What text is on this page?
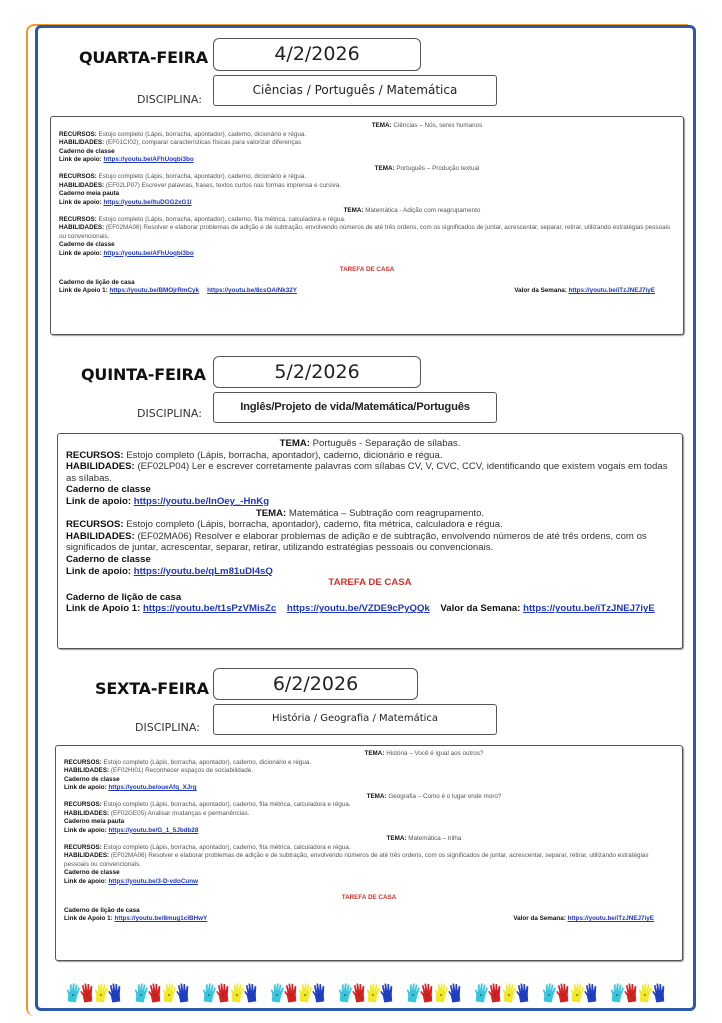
QUARTA-FEIRA	4/2/2026
DISCIPLINA:
Ciências / Português / Matemática
TEMA: Ciências – Nós, seres humanos
RECURSOS: Estojo completo (Lápis, borracha, apontador), caderno, dicionário e régua.
HABILIDADES: (EF01CI02), comparar características físicas para valorizar diferenças
Caderno de classe
Link de apoio: https://youtu.be/AFhUoqbi3bo
TEMA: Português – Produção textual
RECURSOS: Estojo completo (Lápis, borracha, apontador), caderno, dicionário e régua.
HABILIDADES: (EF02LP07) Escrever palavras, frases, textos curtos nas formas imprensa e cursiva.
Caderno meia pauta
Link de apoio: https://youtu.be/ltuDGG2xG1I
TEMA: Matemática - Adição com reagrupamento
RECURSOS: Estojo completo (Lápis, borracha, apontador), caderno, fita métrica, calculadora e régua.
HABILIDADES: (EF02MA06) Resolver e elaborar problemas de adição e de subtração, envolvendo números de até três ordens, com os significados de juntar, acrescentar, separar, retirar, utilizando estratégias pessoais ou convencionais.
Caderno de classe
Link de apoio: https://youtu.be/AFhUoqbi3bo
TAREFA DE CASA
Caderno de lição de casa
Link de Apoio 1: https://youtu.be/BMOjrRmCyk https://youtu.be/8csOAINk32Y	Valor da Semana: https://youtu.be/iTzJNEJ7iyE
QUINTA-FEIRA	5/2/2026
DISCIPLINA:	Inglês/Projeto de vida/Matemática/Português
TEMA: Português - Separação de sílabas.
RECURSOS: Estojo completo (Lápis, borracha, apontador), caderno, dicionário e régua.
HABILIDADES: (EF02LP04) Ler e escrever corretamente palavras com sílabas CV, V, CVC, CCV, identificando que existem vogais em todas as sílabas.
Caderno de classe
Link de apoio: https://youtu.be/InOey_-HnKg
TEMA: Matemática – Subtração com reagrupamento.
RECURSOS: Estojo completo (Lápis, borracha, apontador), caderno, fita métrica, calculadora e régua.
HABILIDADES: (EF02MA06) Resolver e elaborar problemas de adição e de subtração, envolvendo números de até três ordens, com os significados de juntar, acrescentar, separar, retirar, utilizando estratégias pessoais ou convencionais.
Caderno de classe
Link de apoio: https://youtu.be/qLm81uDI4sQ
TAREFA DE CASA
Caderno de lição de casa
Link de Apoio 1: https://youtu.be/t1sPzVMisZc https://youtu.be/VZDE9cPyQQk Valor da Semana: https://youtu.be/iTzJNEJ7iyE
SEXTA-FEIRA	6/2/2026
DISCIPLINA:
História / Geografia / Matemática
TEMA: História – Você é igual aos outros?
RECURSOS: Estojo completo (Lápis, borracha, apontador), caderno, dicionário e régua.
HABILIDADES: (EF02HI01) Reconhecer espaços de sociabilidade.
Caderno de classe
Link de apoio: https://youtu.be/oueAfq_XJrg
TEMA: Geografia – Como é o lugar onde moro?
RECURSOS: Estojo completo (Lápis, borracha, apontador), caderno, fita métrica, calculadora e régua.
HABILIDADES: (EF02GE05) Analisar mudanças e permanências.
Caderno meia pauta
Link de apoio: https://youtu.be/G_1_5Jbdb28
TEMA: Matemática – trilha
RECURSOS: Estojo completo (Lápis, borracha, apontador), caderno, fita métrica, calculadora e régua.
HABILIDADES: (EF02MA06) Resolver e elaborar problemas de adição e de subtração, envolvendo números de até três ordens, com os significados de juntar, acrescentar, separar, retirar, utilizando estratégias pessoais ou convencionais.
Caderno de classe
Link de apoio: https://youtu.be/3-D-vdoCunw
TAREFA DE CASA
Caderno de lição de casa
Link de Apoio 1: https://youtu.be/8mug1cIBHwY	Valor da Semana: https://youtu.be/iTzJNEJ7iyE
